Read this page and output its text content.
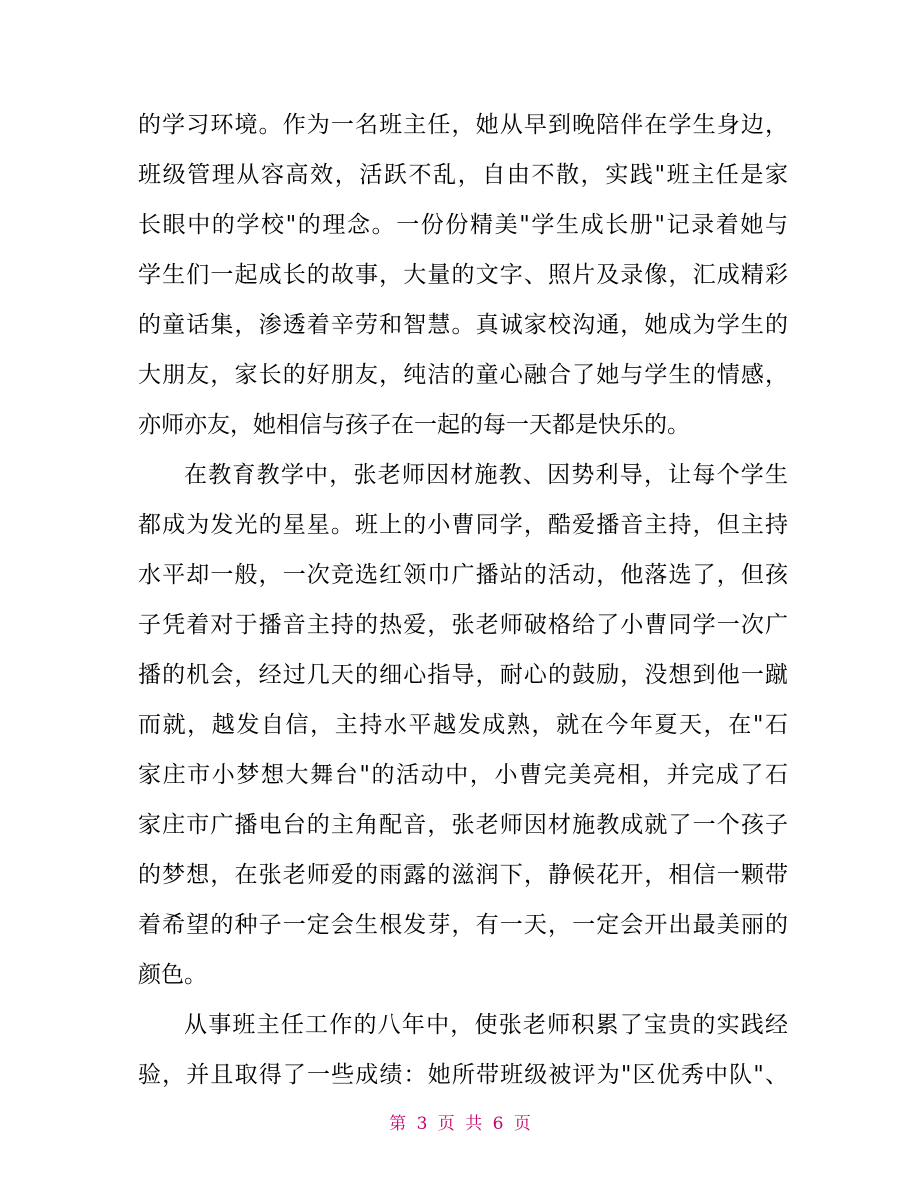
的学习环境。作为一名班主任，她从早到晚陪伴在学生身边，
班级管理从容高效，活跃不乱，自由不散，实践"班主任是家
长眼中的学校"的理念。一份份精美"学生成长册"记录着她与
学生们一起成长的故事，大量的文字、照片及录像，汇成精彩
的童话集，渗透着辛劳和智慧。真诚家校沟通，她成为学生的
大朋友，家长的好朋友，纯洁的童心融合了她与学生的情感，
亦师亦友，她相信与孩子在一起的每一天都是快乐的。
在教育教学中，张老师因材施教、因势利导，让每个学生
都成为发光的星星。班上的小曹同学，酷爱播音主持，但主持
水平却一般，一次竞选红领巾广播站的活动，他落选了，但孩
子凭着对于播音主持的热爱，张老师破格给了小曹同学一次广
播的机会，经过几天的细心指导，耐心的鼓励，没想到他一蹴
而就，越发自信，主持水平越发成熟，就在今年夏天，在"石
家庄市小梦想大舞台"的活动中，小曹完美亮相，并完成了石
家庄市广播电台的主角配音，张老师因材施教成就了一个孩子
的梦想，在张老师爱的雨露的滋润下，静候花开，相信一颗带
着希望的种子一定会生根发芽，有一天，一定会开出最美丽的
颜色。
从事班主任工作的八年中，使张老师积累了宝贵的实践经
验，并且取得了一些成绩：她所带班级被评为"区优秀中队"、
第 3 页 共 6 页
